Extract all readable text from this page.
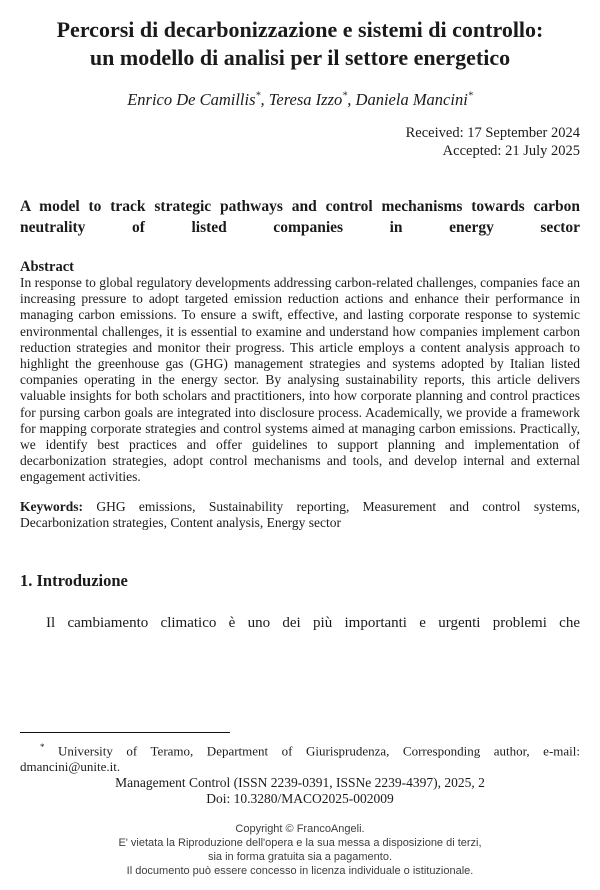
Percorsi di decarbonizzazione e sistemi di controllo: un modello di analisi per il settore energetico
Enrico De Camillis*, Teresa Izzo*, Daniela Mancini*
Received: 17 September 2024
Accepted: 21 July 2025
A model to track strategic pathways and control mechanisms towards carbon neutrality of listed companies in energy sector
Abstract
In response to global regulatory developments addressing carbon-related challenges, companies face an increasing pressure to adopt targeted emission reduction actions and enhance their performance in managing carbon emissions. To ensure a swift, effective, and lasting corporate response to systemic environmental challenges, it is essential to examine and understand how companies implement carbon reduction strategies and monitor their progress. This article employs a content analysis approach to highlight the greenhouse gas (GHG) management strategies and systems adopted by Italian listed companies operating in the energy sector. By analysing sustainability reports, this article delivers valuable insights for both scholars and practitioners, into how corporate planning and control practices for pursing carbon goals are integrated into disclosure process. Academically, we provide a framework for mapping corporate strategies and control systems aimed at managing carbon emissions. Practically, we identify best practices and offer guidelines to support planning and implementation of decarbonization strategies, adopt control mechanisms and tools, and develop internal and external engagement activities.
Keywords: GHG emissions, Sustainability reporting, Measurement and control systems, Decarbonization strategies, Content analysis, Energy sector
1. Introduzione
Il cambiamento climatico è uno dei più importanti e urgenti problemi che
* University of Teramo, Department of Giurisprudenza, Corresponding author, e-mail: dmancini@unite.it.
Management Control (ISSN 2239-0391, ISSNe 2239-4397), 2025, 2
Doi: 10.3280/MACO2025-002009
Copyright © FrancoAngeli.
E' vietata la Riproduzione dell'opera e la sua messa a disposizione di terzi,
sia in forma gratuita sia a pagamento.
Il documento può essere concesso in licenza individuale o istituzionale.
